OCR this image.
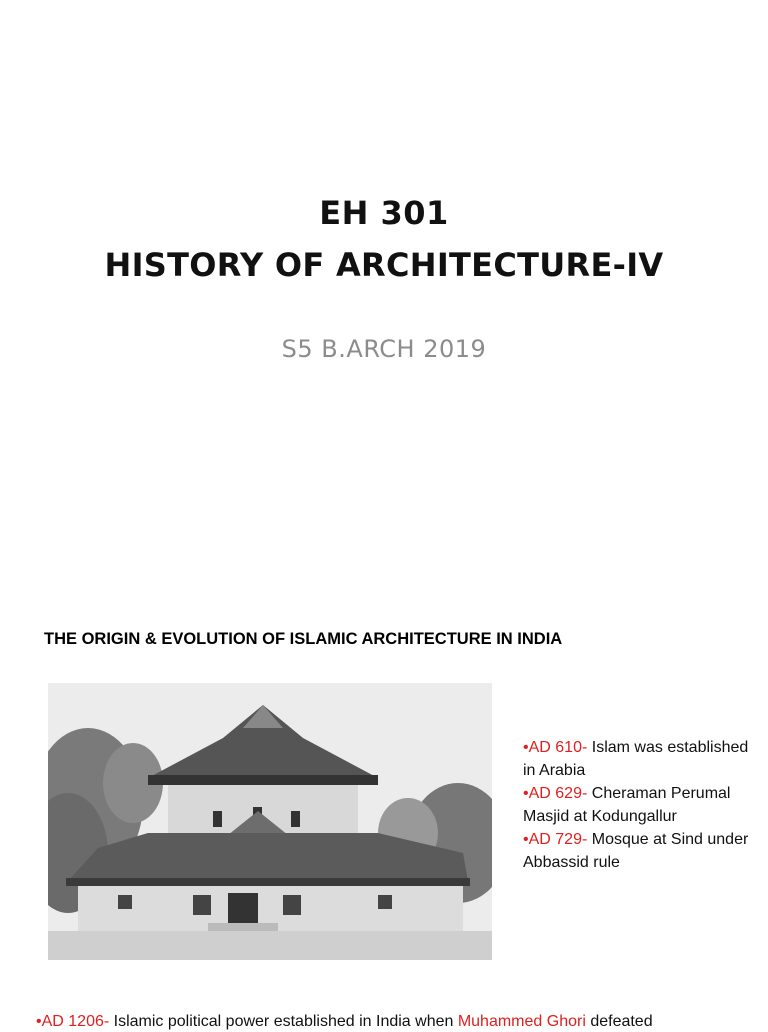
EH 301
HISTORY OF ARCHITECTURE-IV
S5 B.ARCH 2019
THE ORIGIN & EVOLUTION OF ISLAMIC ARCHITECTURE IN INDIA
•AD 610- Islam was established in Arabia
•AD 629- Cheraman Perumal Masjid at Kodungallur
•AD 729- Mosque at Sind under Abbassid rule
•AD 1206- Islamic political power established in India when Muhammed Ghori defeated
